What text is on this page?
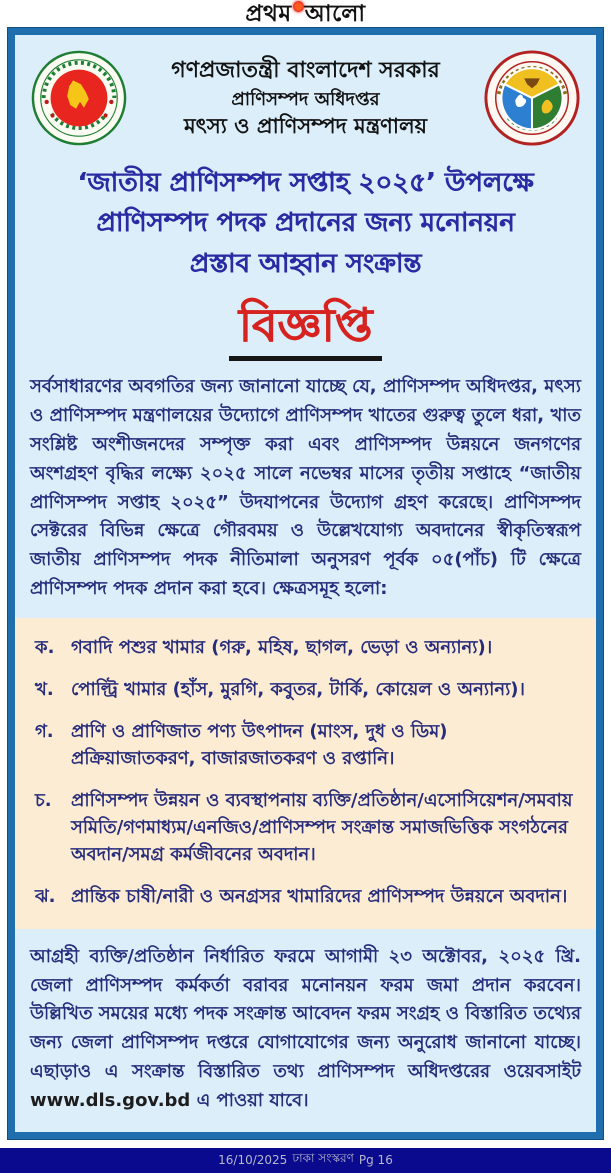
প্রথম আলো
গণপ্রজাতন্ত্রী বাংলাদেশ সরকার
প্রাণিসম্পদ অধিদপ্তর
মৎস্য ও প্রাণিসম্পদ মন্ত্রণালয়
‘জাতীয় প্রাণিসম্পদ সপ্তাহ ২০২৫’ উপলক্ষে
প্রাণিসম্পদ পদক প্রদানের জন্য মনোনয়ন
প্রস্তাব আহ্বান সংক্রান্ত
বিজ্ঞপ্তি

সর্বসাধারণের অবগতির জন্য জানানো যাচ্ছে যে, প্রাণিসম্পদ অধিদপ্তর, মৎস্য ও প্রাণিসম্পদ মন্ত্রণালয়ের উদ্যোগে প্রাণিসম্পদ খাতের গুরুত্ব তুলে ধরা, খাত সংশ্লিষ্ট অংশীজনদের সম্পৃক্ত করা এবং প্রাণিসম্পদ উন্নয়নে জনগণের অংশগ্রহণ বৃদ্ধির লক্ষ্যে ২০২৫ সালে নভেম্বর মাসের তৃতীয় সপ্তাহে “জাতীয় প্রাণিসম্পদ সপ্তাহ ২০২৫” উদযাপনের উদ্যোগ গ্রহণ করেছে। প্রাণিসম্পদ সেক্টরের বিভিন্ন ক্ষেত্রে গৌরবময় ও উল্লেখযোগ্য অবদানের স্বীকৃতিস্বরূপ জাতীয় প্রাণিসম্পদ পদক নীতিমালা অনুসরণ পূর্বক ০৫(পাঁচ) টি ক্ষেত্রে প্রাণিসম্পদ পদক প্রদান করা হবে। ক্ষেত্রসমূহ হলো:

ক. গবাদি পশুর খামার (গরু, মহিষ, ছাগল, ভেড়া ও অন্যান্য)।
খ. পোল্ট্রি খামার (হাঁস, মুরগি, কবুতর, টার্কি, কোয়েল ও অন্যান্য)।
গ. প্রাণি ও প্রাণিজাত পণ্য উৎপাদন (মাংস, দুধ ও ডিম) প্রক্রিয়াজাতকরণ, বাজারজাতকরণ ও রপ্তানি।
চ.	প্রাণিসম্পদ উন্নয়ন ও ব্যবস্থাপনায় ব্যক্তি/প্রতিষ্ঠান/এসোসিয়েশন/সমবায় সমিতি/গণমাধ্যম/এনজিও/প্রাণিসম্পদ সংক্রান্ত সমাজভিত্তিক সংগঠনের অবদান/সমগ্র কর্মজীবনের অবদান।
ঝ. প্রান্তিক চাষী/নারী ও অনগ্রসর খামারিদের প্রাণিসম্পদ উন্নয়নে অবদান।

আগ্রহী ব্যক্তি/প্রতিষ্ঠান নির্ধারিত ফরমে আগামী ২৩ অক্টোবর, ২০২৫ খ্রি. জেলা প্রাণিসম্পদ কর্মকর্তা বরাবর মনোনয়ন ফরম জমা প্রদান করবেন। উল্লিখিত সময়ের মধ্যে পদক সংক্রান্ত আবেদন ফরম সংগ্রহ ও বিস্তারিত তথ্যের জন্য জেলা প্রাণিসম্পদ দপ্তরে যোগাযোগের জন্য অনুরোধ জানানো যাচ্ছে। এছাড়াও এ সংক্রান্ত বিস্তারিত তথ্য প্রাণিসম্পদ অধিদপ্তরের ওয়েবসাইট www.dls.gov.bd এ পাওয়া যাবে।

16/10/2025 ঢাকা সংস্করণ Pg 16
